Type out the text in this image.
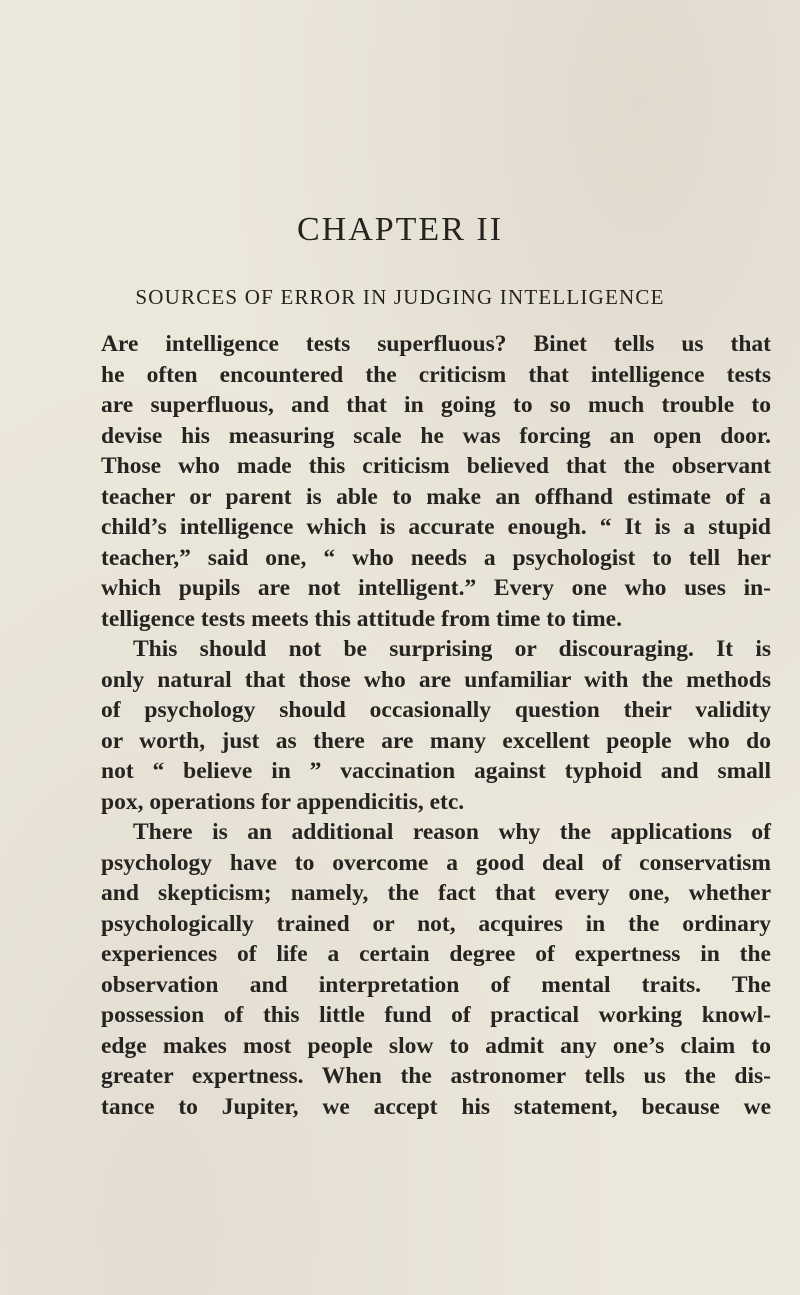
CHAPTER II
SOURCES OF ERROR IN JUDGING INTELLIGENCE
Are intelligence tests superfluous? Binet tells us that
he often encountered the criticism that intelligence tests
are superfluous, and that in going to so much trouble to
devise his measuring scale he was forcing an open door.
Those who made this criticism believed that the observant
teacher or parent is able to make an offhand estimate of a
child’s intelligence which is accurate enough. “ It is a stupid
teacher,” said one, “ who needs a psychologist to tell her
which pupils are not intelligent.” Every one who uses in-
telligence tests meets this attitude from time to time.
This should not be surprising or discouraging. It is
only natural that those who are unfamiliar with the methods
of psychology should occasionally question their validity
or worth, just as there are many excellent people who do
not “ believe in ” vaccination against typhoid and small
pox, operations for appendicitis, etc.
There is an additional reason why the applications of
psychology have to overcome a good deal of conservatism
and skepticism; namely, the fact that every one, whether
psychologically trained or not, acquires in the ordinary
experiences of life a certain degree of expertness in the
observation and interpretation of mental traits. The
possession of this little fund of practical working knowl-
edge makes most people slow to admit any one’s claim to
greater expertness. When the astronomer tells us the dis-
tance to Jupiter, we accept his statement, because we
